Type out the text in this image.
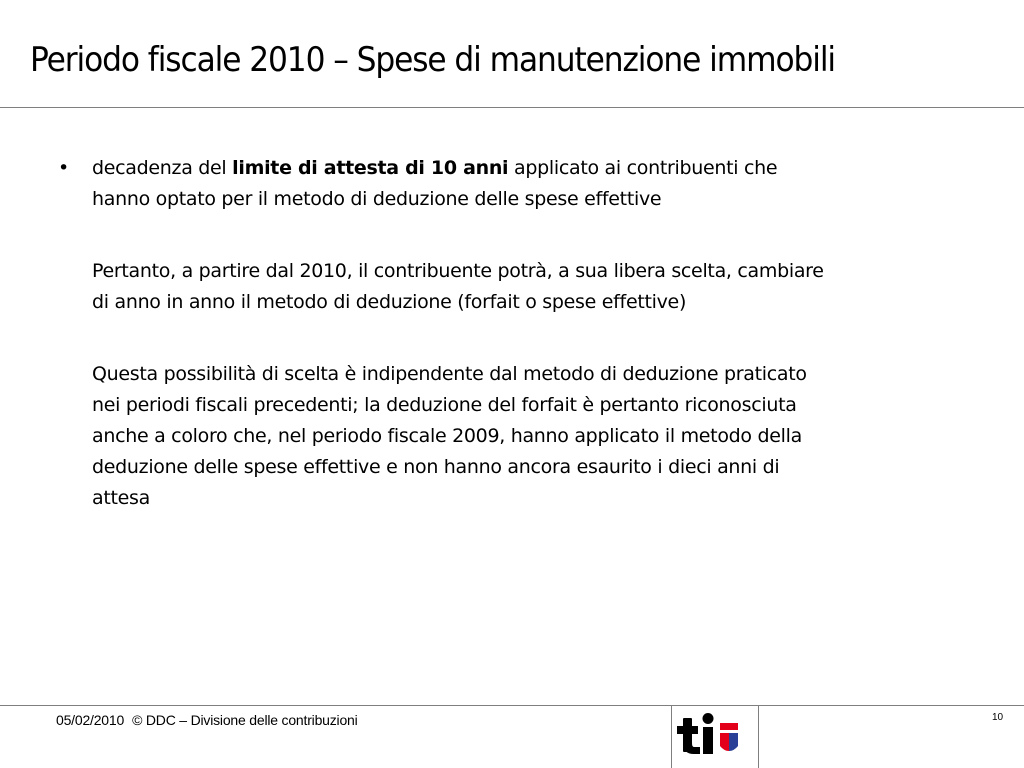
Periodo fiscale 2010 – Spese di manutenzione immobili
•	decadenza del limite di attesta di 10 anni applicato ai contribuenti che
hanno optato per il metodo di deduzione delle spese effettive
Pertanto, a partire dal 2010, il contribuente potrà, a sua libera scelta, cambiare
di anno in anno il metodo di deduzione (forfait o spese effettive)
Questa possibilità di scelta è indipendente dal metodo di deduzione praticato
nei periodi fiscali precedenti; la deduzione del forfait è pertanto riconosciuta
anche a coloro che, nel periodo fiscale 2009, hanno applicato il metodo della
deduzione delle spese effettive e non hanno ancora esaurito i dieci anni di
attesa
05/02/2010 © DDC – Divisione delle contribuzioni	10
